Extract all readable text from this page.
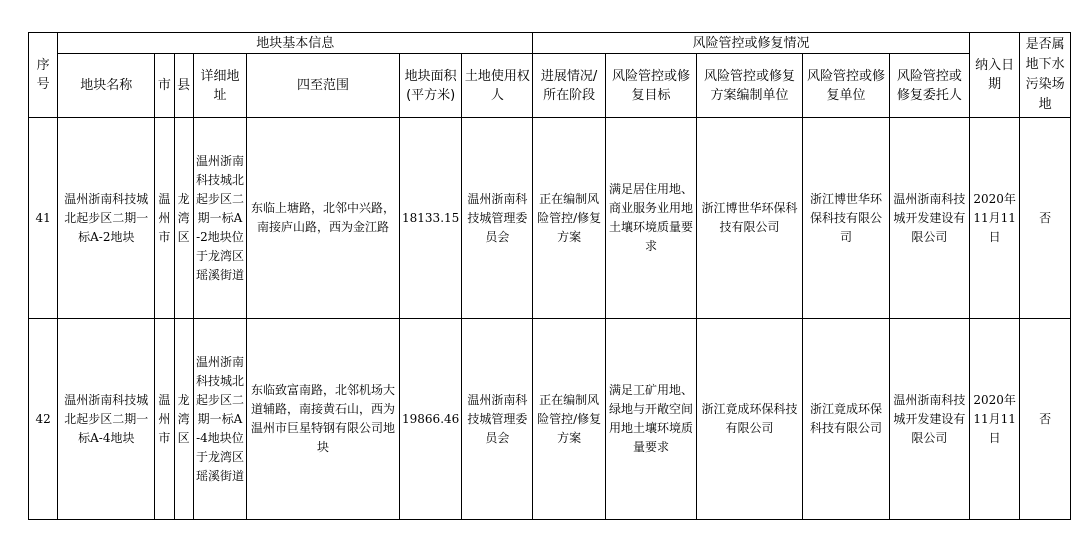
序号	地块基本信息							风险管控或修复情况					纳入日期	是否属地下水污染场地
	地块名称	市	县	详细地址	四至范围	地块面积(平方米)	土地使用权人	进展情况/所在阶段	风险管控或修复目标	风险管控或修复方案编制单位	风险管控或修复单位	风险管控或修复委托人		
41	温州浙南科技城北起步区二期一标A-2地块	温州市	龙湾区	温州浙南科技城北起步区二期一标A-2地块位于龙湾区瑶溪街道	东临上塘路，北邻中兴路，南接庐山路，西为金江路	18133.15	温州浙南科技城管理委员会	正在编制风险管控/修复方案	满足居住用地、商业服务业用地土壤环境质量要求	浙江博世华环保科技有限公司	浙江博世华环保科技有限公司	温州浙南科技城开发建设有限公司	2020年11月11日	否
42	温州浙南科技城北起步区二期一标A-4地块	温州市	龙湾区	温州浙南科技城北起步区二期一标A-4地块位于龙湾区瑶溪街道	东临致富南路，北邻机场大道辅路，南接黄石山，西为温州市巨星特钢有限公司地块	19866.46	温州浙南科技城管理委员会	正在编制风险管控/修复方案	满足工矿用地、绿地与开敞空间用地土壤环境质量要求	浙江竟成环保科技有限公司	浙江竟成环保科技有限公司	温州浙南科技城开发建设有限公司	2020年11月11日	否
